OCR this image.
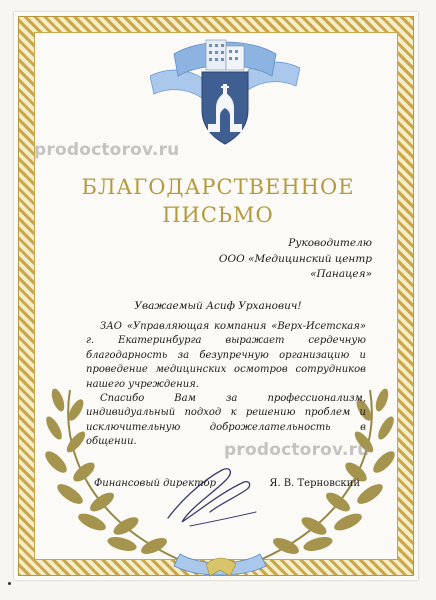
prodoctorov.ru
БЛАГОДАРСТВЕННОЕ
ПИСЬМО
Руководителю
ООО «Медицинский центр
«Панацея»
Уважаемый Асиф Урханович!

ЗАО «Управляющая компания «Верх-Исетская» г. Екатеринбурга выражает сердечную благодарность за безупречную организацию и проведение медицинских осмотров сотрудников нашего учреждения.

Спасибо Вам за профессионализм, индивидуальный подход к решению проблем и исключительную доброжелательность в общении.	prodoctorov.ru
Финансовый директор	Я. В. Терновский
